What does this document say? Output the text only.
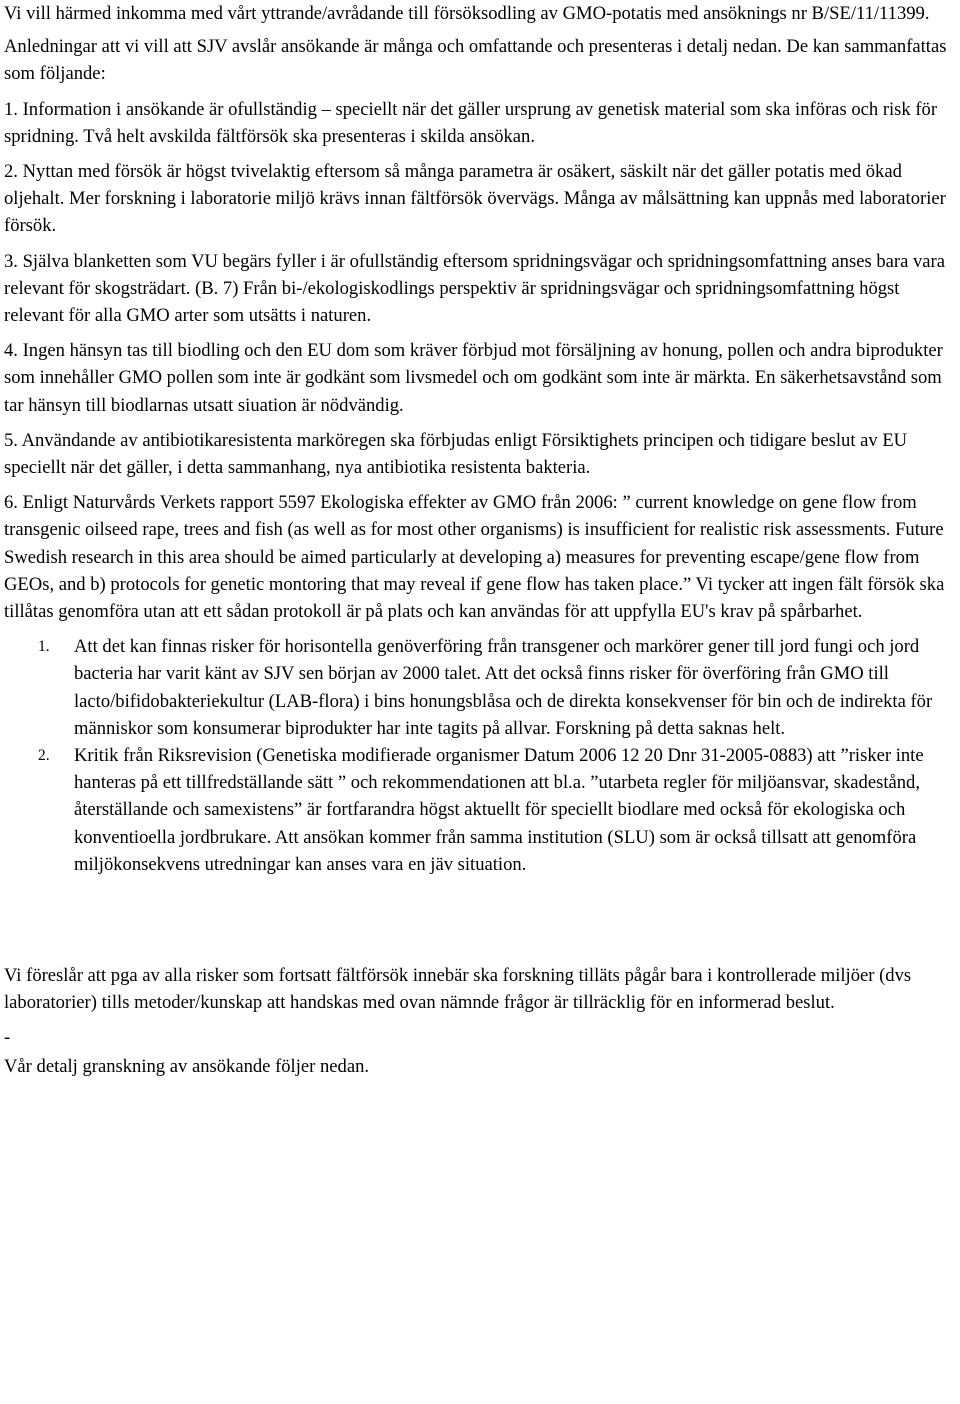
Vi vill härmed inkomma med vårt yttrande/avrådande till försöksodling av GMO-potatis med ansöknings nr B/SE/11/11399.

Anledningar att vi vill att SJV avslår ansökande är många och omfattande och presenteras i detalj nedan. De kan sammanfattas som följande:

1. Information i ansökande är ofullständig – speciellt när det gäller ursprung av genetisk material som ska införas och risk för spridning. Två helt avskilda fältförsök ska presenteras i skilda ansökan.

2. Nyttan med försök är högst tvivelaktig eftersom så många parametra är osäkert, säskilt när det gäller potatis med ökad oljehalt. Mer forskning i laboratorie miljö krävs innan fältförsök övervägs. Många av målsättning kan uppnås med laboratorier försök.

3. Själva blanketten som VU begärs fyller i är ofullständig eftersom spridningsvägar och spridningsomfattning anses bara vara relevant för skogsträdart. (B. 7) Från bi-/ekologiskodlings perspektiv är spridningsvägar och spridningsomfattning högst relevant för alla GMO arter som utsätts i naturen.

4. Ingen hänsyn tas till biodling och den EU dom som kräver förbjud mot försäljning av honung, pollen och andra biprodukter som innehåller GMO pollen som inte är godkänt som livsmedel och om godkänt som inte är märkta. En säkerhetsavstånd som tar hänsyn till biodlarnas utsatt siuation är nödvändig.

5. Användande av antibiotikaresistenta marköregen ska förbjudas enligt Försiktighets principen och tidigare beslut av EU speciellt när det gäller, i detta sammanhang, nya antibiotika resistenta bakteria.

6. Enligt Naturvårds Verkets rapport 5597 Ekologiska effekter av GMO från 2006: ” current knowledge on gene flow from transgenic oilseed rape, trees and fish (as well as for most other organisms) is insufficient for realistic risk assessments. Future Swedish research in this area should be aimed particularly at developing a) measures for preventing escape/gene flow from GEOs, and b) protocols for genetic montoring that may reveal if gene flow has taken place.” Vi tycker att ingen fält försök ska tillåtas genomföra utan att ett sådan protokoll är på plats och kan användas för att uppfylla EU's krav på spårbarhet.

1.	Att det kan finnas risker för horisontella genöverföring från transgener och markörer gener till jord fungi och jord bacteria har varit känt av SJV sen början av 2000 talet. Att det också finns risker för överföring från GMO till lacto/bifidobakteriekultur (LAB-flora) i bins honungsblåsa och de direkta konsekvenser för bin och de indirekta för människor som konsumerar biprodukter har inte tagits på allvar. Forskning på detta saknas helt.
2.	Kritik från Riksrevision (Genetiska modifierade organismer Datum 2006 12 20 Dnr 31-2005-0883) att ”risker inte hanteras på ett tillfredställande sätt ” och rekommendationen att bl.a. ”utarbeta regler för miljöansvar, skadestånd, återställande och samexistens” är fortfarandra högst aktuellt för speciellt biodlare med också för ekologiska och konventioella jordbrukare. Att ansökan kommer från samma institution (SLU) som är också tillsatt att genomföra miljökonsekvens utredningar kan anses vara en jäv situation.

Vi föreslår att pga av alla risker som fortsatt fältförsök innebär ska forskning tilläts pågår bara i kontrollerade miljöer (dvs laboratorier) tills metoder/kunskap att handskas med ovan nämnde frågor är tillräcklig för en informerad beslut.

-

Vår detalj granskning av ansökande följer nedan.
